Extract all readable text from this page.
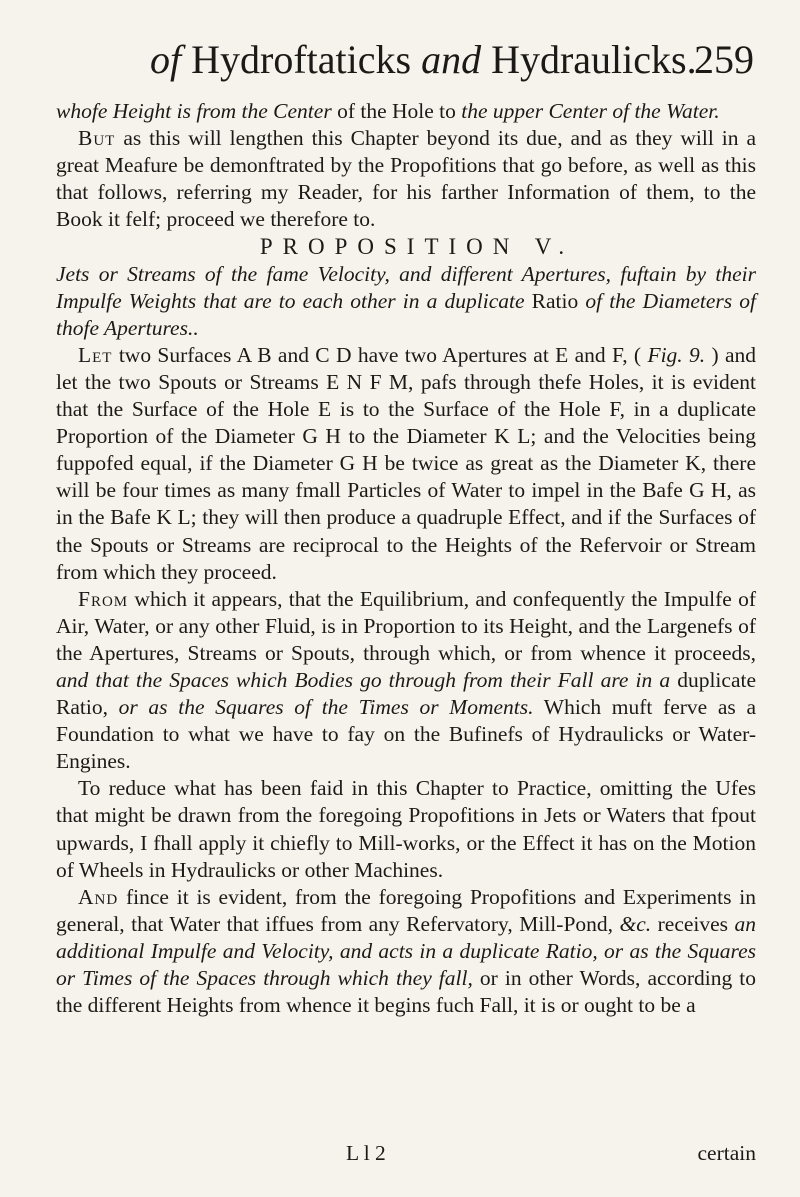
of Hydroftaticks and Hydraulicks.
259

whofe Height is from the Center of the Hole to the upper Center of the Water.

But as this will lengthen this Chapter beyond its due, and as they will in a great Meafure be demonftrated by the Propofitions that go before, as well as this that follows, referring my Reader, for his farther Information of them, to the Book it felf; proceed we therefore to.

PROPOSITION V.

Jets or Streams of the fame Velocity, and different Apertures, fuftain by their Impulfe Weights that are to each other in a duplicate Ratio of the Diameters of thofe Apertures..

Let two Surfaces A B and C D have two Apertures at E and F, ( Fig. 9. ) and let the two Spouts or Streams E N F M, pafs through thefe Holes, it is evident that the Surface of the Hole E is to the Surface of the Hole F, in a duplicate Proportion of the Diameter G H to the Diameter K L; and the Velocities being fuppofed equal, if the Diameter G H be twice as great as the Diameter K, there will be four times as many fmall Particles of Water to impel in the Bafe G H, as in the Bafe K L; they will then produce a quadruple Effect, and if the Surfaces of the Spouts or Streams are reciprocal to the Heights of the Refervoir or Stream from which they proceed.

From which it appears, that the Equilibrium, and confequently the Impulfe of Air, Water, or any other Fluid, is in Proportion to its Height, and the Largenefs of the Apertures, Streams or Spouts, through which, or from whence it proceeds, and that the Spaces which Bodies go through from their Fall are in a duplicate Ratio, or as the Squares of the Times or Moments. Which muft ferve as a Foundation to what we have to fay on the Bufinefs of Hydraulicks or Water-Engines.

To reduce what has been faid in this Chapter to Practice, omitting the Ufes that might be drawn from the foregoing Propofitions in Jets or Waters that fpout upwards, I fhall apply it chiefly to Mill-works, or the Effect it has on the Motion of Wheels in Hydraulicks or other Machines.

And fince it is evident, from the foregoing Propofitions and Experiments in general, that Water that iffues from any Refervatory, Mill-Pond, &c. receives an additional Impulfe and Velocity, and acts in a duplicate Ratio, or as the Squares or Times of the Spaces through which they fall, or in other Words, according to the different Heights from whence it begins fuch Fall, it is or ought to be a

L l 2	certain
